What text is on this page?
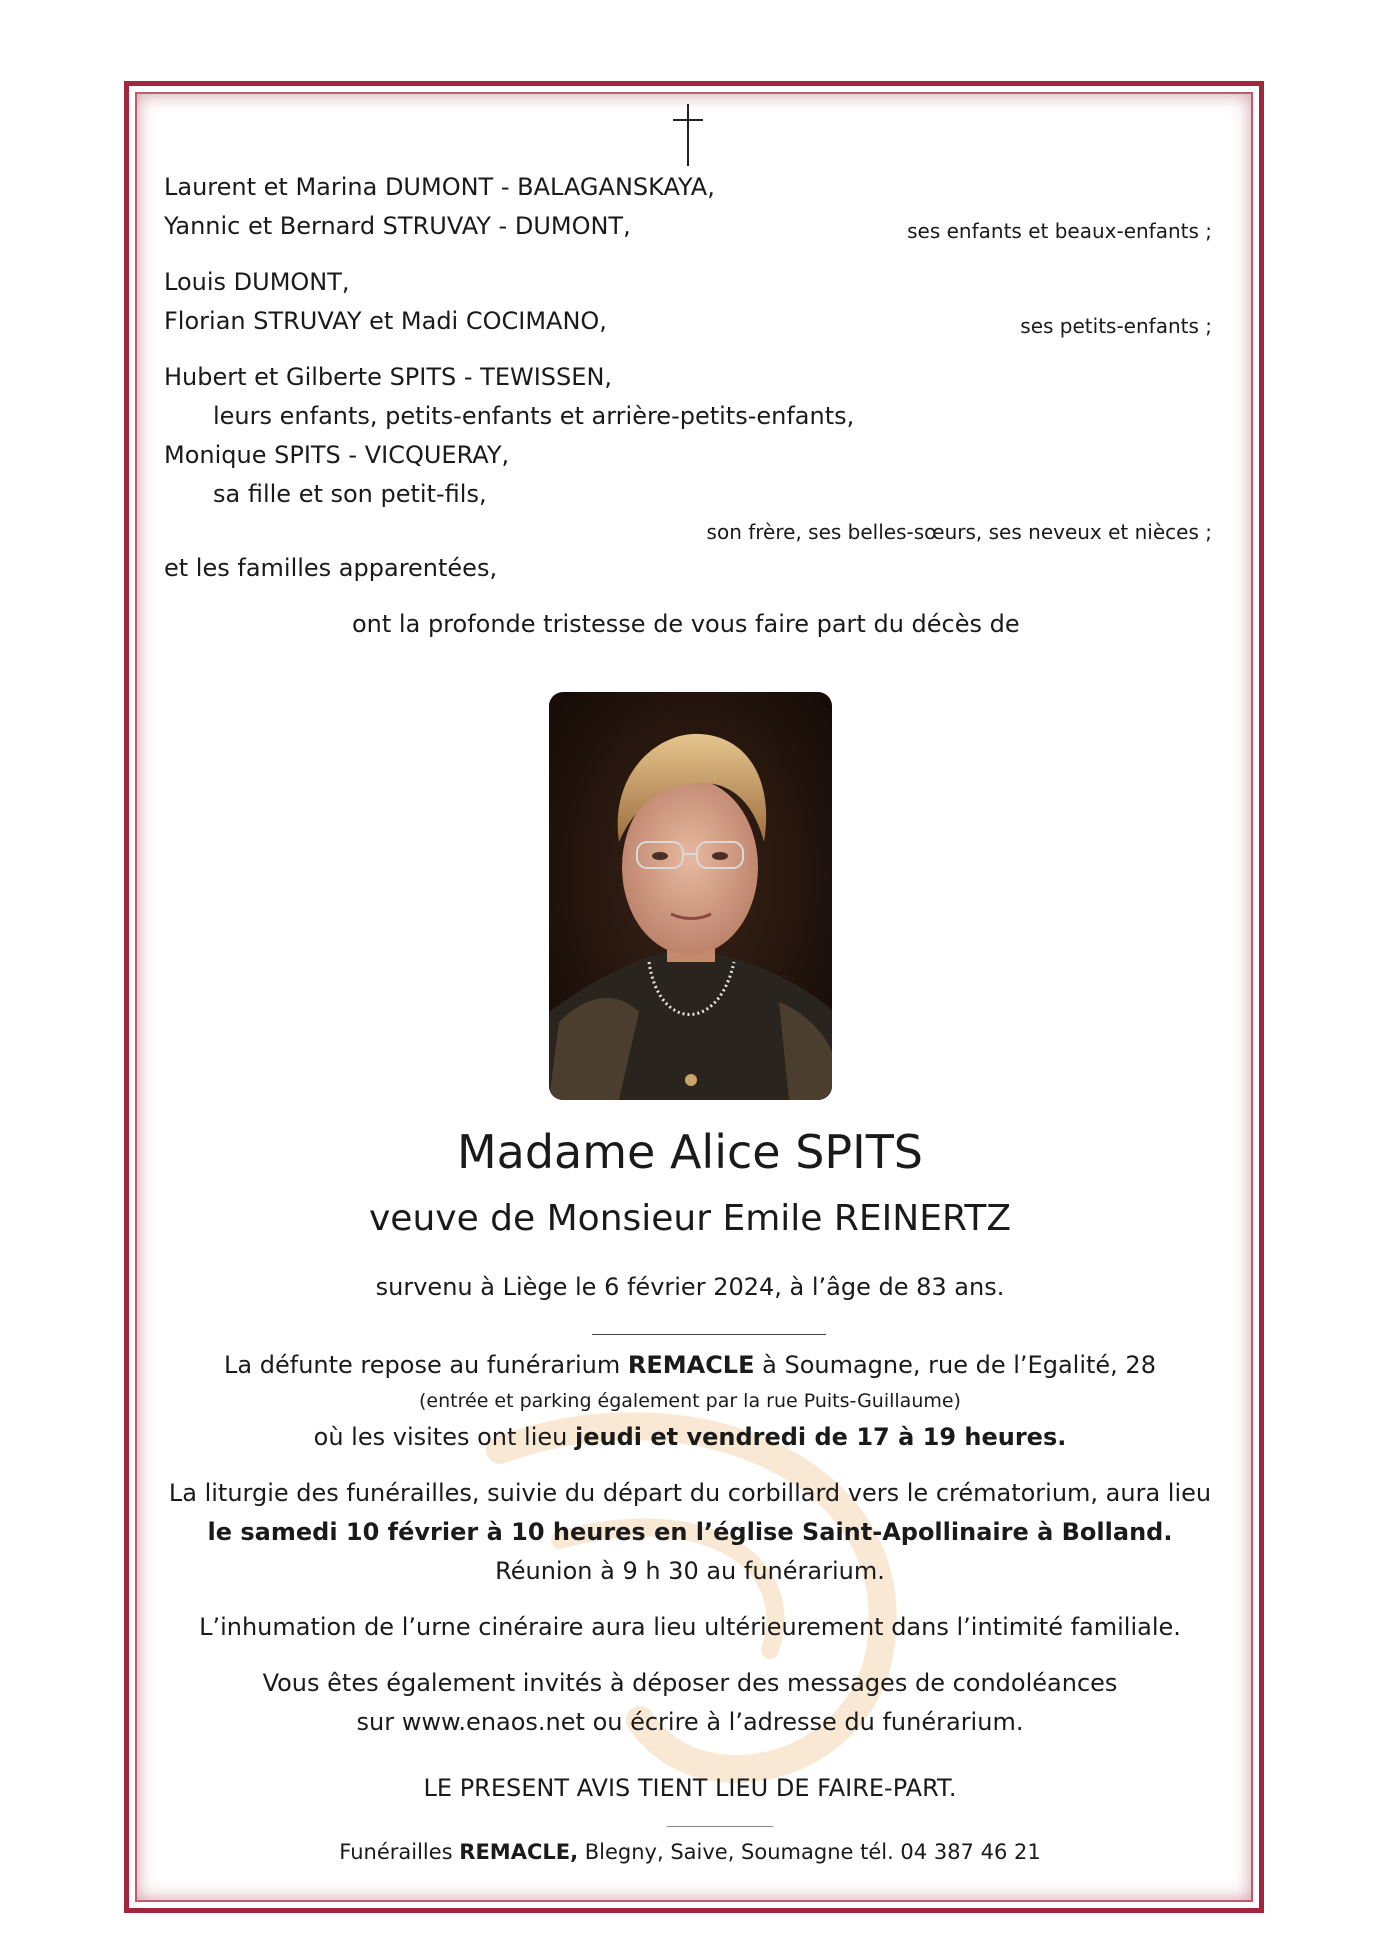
Laurent et Marina DUMONT - BALAGANSKAYA,
Yannic et Bernard STRUVAY - DUMONT,	ses enfants et beaux-enfants ;
Louis DUMONT,
Florian STRUVAY et Madi COCIMANO,	ses petits-enfants ;
Hubert et Gilberte SPITS - TEWISSEN,
leurs enfants, petits-enfants et arrière-petits-enfants,
Monique SPITS - VICQUERAY,
sa fille et son petit-fils,
son frère, ses belles-sœurs, ses neveux et nièces ;
et les familles apparentées,
ont la profonde tristesse de vous faire part du décès de
Madame Alice SPITS
veuve de Monsieur Emile REINERTZ
survenu à Liège le 6 février 2024, à l’âge de 83 ans.
La défunte repose au funérarium REMACLE à Soumagne, rue de l’Egalité, 28
(entrée et parking également par la rue Puits-Guillaume)
où les visites ont lieu jeudi et vendredi de 17 à 19 heures.
La liturgie des funérailles, suivie du départ du corbillard vers le crématorium, aura lieu
le samedi 10 février à 10 heures en l’église Saint-Apollinaire à Bolland.
Réunion à 9 h 30 au funérarium.
L’inhumation de l’urne cinéraire aura lieu ultérieurement dans l’intimité familiale.
Vous êtes également invités à déposer des messages de condoléances
sur www.enaos.net ou écrire à l’adresse du funérarium.
LE PRESENT AVIS TIENT LIEU DE FAIRE-PART.
Funérailles REMACLE, Blegny, Saive, Soumagne tél. 04 387 46 21
